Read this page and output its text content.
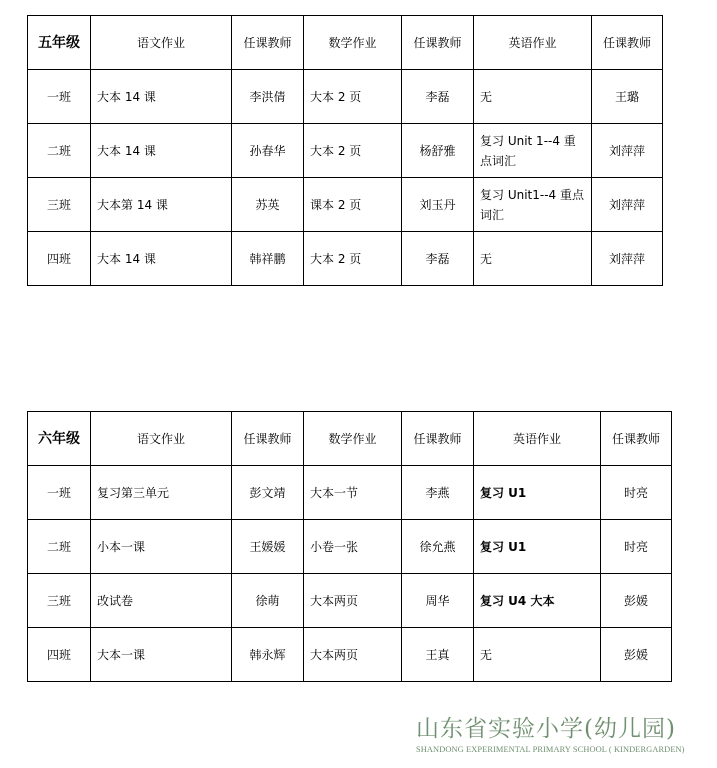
五年级	语文作业	任课教师	数学作业	任课教师	英语作业	任课教师
一班	大本 14 课	李洪倩	大本 2 页	李磊	无	王璐
二班	大本 14 课	孙春华	大本 2 页	杨舒雅	复习 Unit 1--4 重点词汇	刘萍萍
三班	大本第 14 课	苏英	课本 2 页	刘玉丹	复习 Unit1--4 重点词汇	刘萍萍
四班	大本 14 课	韩祥鹏	大本 2 页	李磊	无	刘萍萍
六年级	语文作业	任课教师	数学作业	任课教师	英语作业	任课教师
一班	复习第三单元	彭文靖	大本一节	李燕	复习 U1	时亮
二班	小本一课	王媛媛	小卷一张	徐允燕	复习 U1	时亮
三班	改试卷	徐萌	大本两页	周华	复习 U4 大本	彭媛
四班	大本一课	韩永辉	大本两页	王真	无	彭媛
山东省实验小学(幼儿园)
SHANDONG EXPERIMENTAL PRIMARY SCHOOL ( KINDERGARDEN)
